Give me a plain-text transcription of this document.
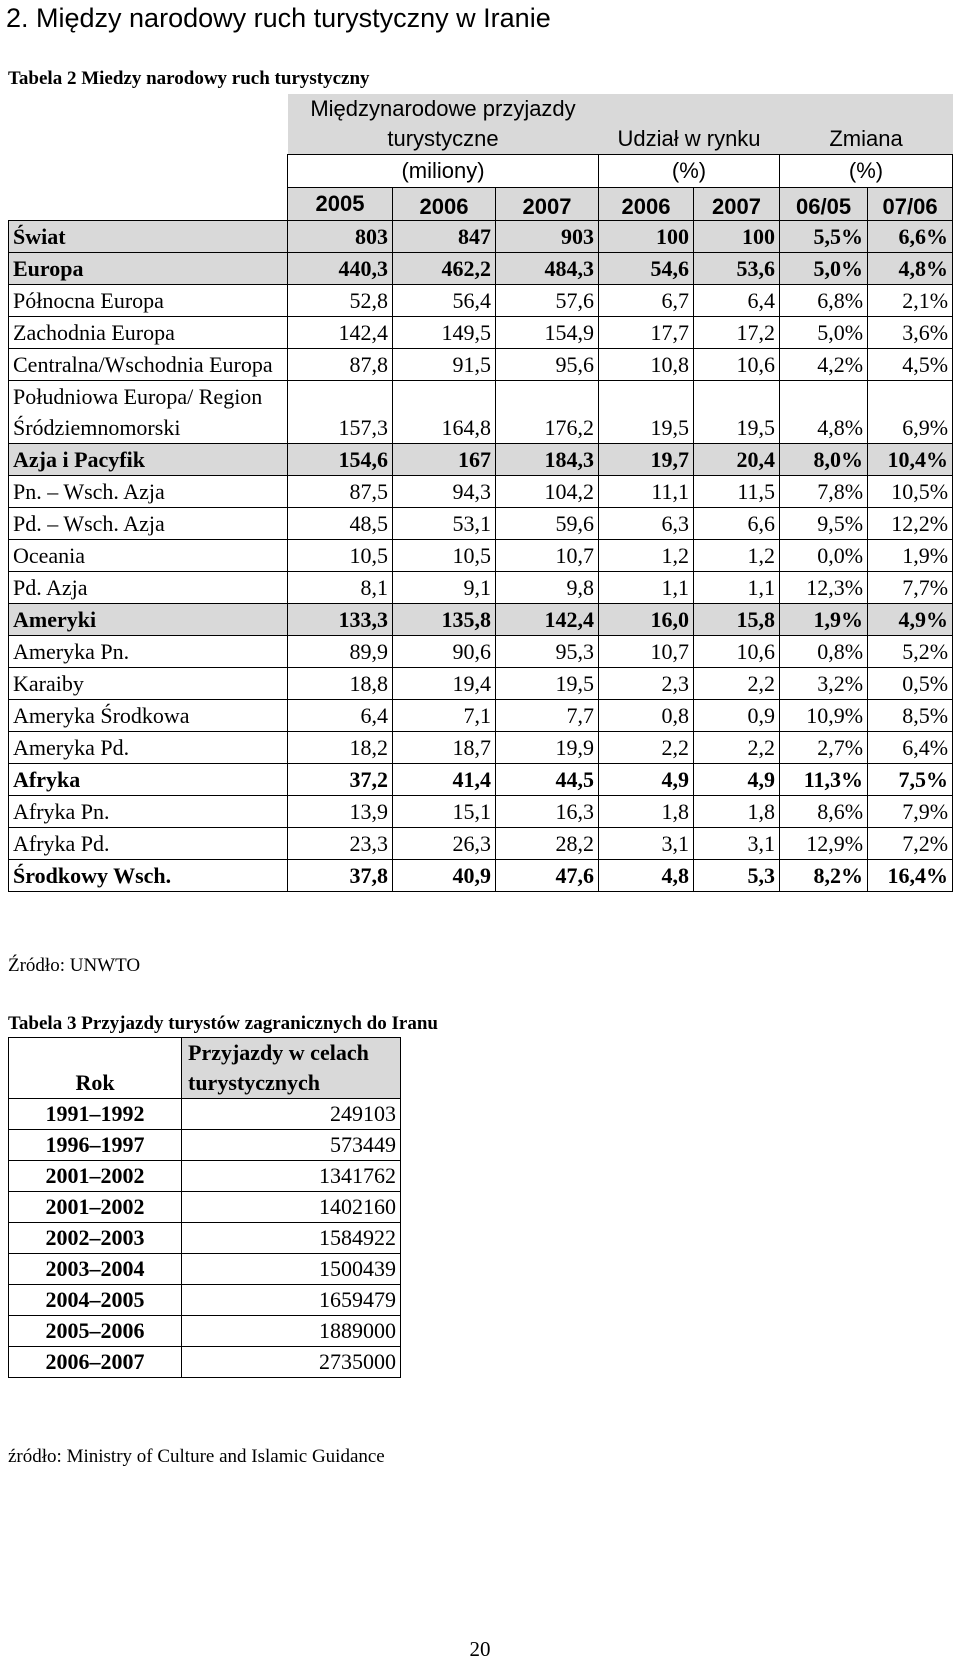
2. Między narodowy ruch turystyczny w Iranie
Tabela 2 Miedzy narodowy ruch turystyczny
	Międzynarodowe przyjazdy turystyczne			Udział w rynku		Zmiana	
	(miliony)			(%)		(%)	
	2005	2006	2007	2006	2007	06/05	07/06
Świat	803	847	903	100	100	5,5%	6,6%
Europa	440,3	462,2	484,3	54,6	53,6	5,0%	4,8%
Północna Europa	52,8	56,4	57,6	6,7	6,4	6,8%	2,1%
Zachodnia Europa	142,4	149,5	154,9	17,7	17,2	5,0%	3,6%
Centralna/Wschodnia Europa	87,8	91,5	95,6	10,8	10,6	4,2%	4,5%
Południowa Europa/ Region Śródziemnomorski	157,3	164,8	176,2	19,5	19,5	4,8%	6,9%
Azja i Pacyfik	154,6	167	184,3	19,7	20,4	8,0%	10,4%
Pn. – Wsch. Azja	87,5	94,3	104,2	11,1	11,5	7,8%	10,5%
Pd. – Wsch. Azja	48,5	53,1	59,6	6,3	6,6	9,5%	12,2%
Oceania	10,5	10,5	10,7	1,2	1,2	0,0%	1,9%
Pd. Azja	8,1	9,1	9,8	1,1	1,1	12,3%	7,7%
Ameryki	133,3	135,8	142,4	16,0	15,8	1,9%	4,9%
Ameryka Pn.	89,9	90,6	95,3	10,7	10,6	0,8%	5,2%
Karaiby	18,8	19,4	19,5	2,3	2,2	3,2%	0,5%
Ameryka Środkowa	6,4	7,1	7,7	0,8	0,9	10,9%	8,5%
Ameryka Pd.	18,2	18,7	19,9	2,2	2,2	2,7%	6,4%
Afryka	37,2	41,4	44,5	4,9	4,9	11,3%	7,5%
Afryka Pn.	13,9	15,1	16,3	1,8	1,8	8,6%	7,9%
Afryka Pd.	23,3	26,3	28,2	3,1	3,1	12,9%	7,2%
Środkowy Wsch.	37,8	40,9	47,6	4,8	5,3	8,2%	16,4%
Źródło: UNWTO
Tabela 3 Przyjazdy turystów zagranicznych do Iranu
Rok	Przyjazdy w celach turystycznych
1991–1992	249103
1996–1997	573449
2001–2002	1341762
2001–2002	1402160
2002–2003	1584922
2003–2004	1500439
2004–2005	1659479
2005–2006	1889000
2006–2007	2735000
źródło: Ministry of Culture and Islamic Guidance
20
